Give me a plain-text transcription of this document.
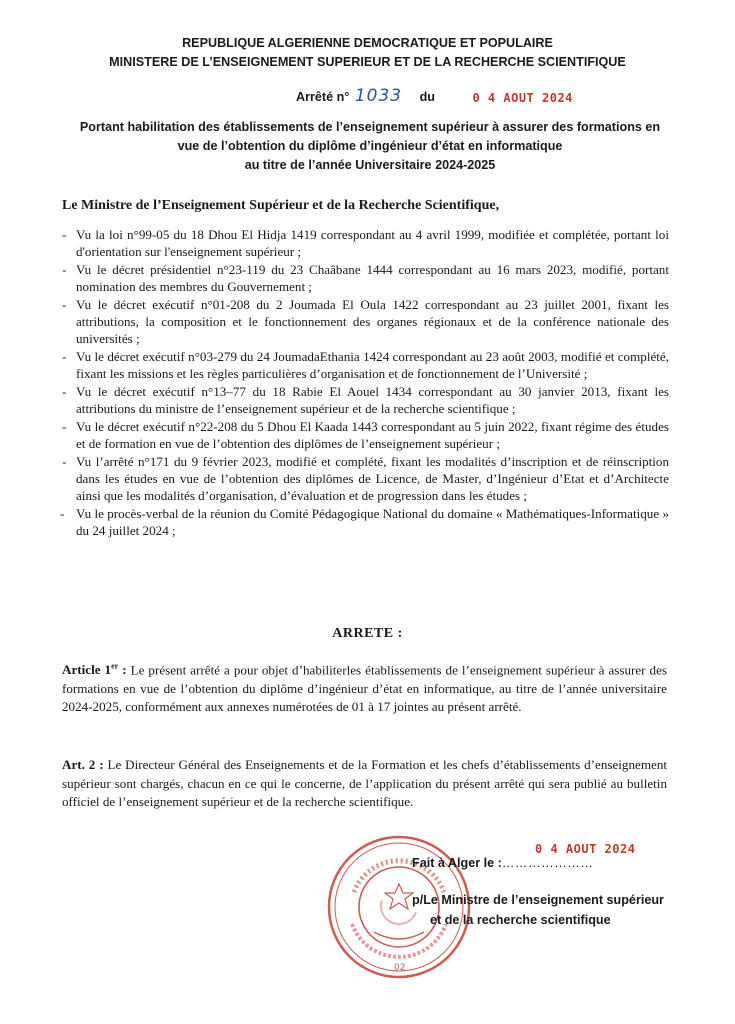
REPUBLIQUE ALGERIENNE DEMOCRATIQUE ET POPULAIRE
MINISTERE DE L’ENSEIGNEMENT SUPERIEUR ET DE LA RECHERCHE SCIENTIFIQUE
Arrêté n° 1033 du	0 4 AOUT 2024
Portant habilitation des établissements de l’enseignement supérieur à assurer des formations en
vue de l’obtention du diplôme d’ingénieur d’état en informatique
au titre de l’année Universitaire 2024-2025
Le Ministre de l’Enseignement Supérieur et de la Recherche Scientifique,
- Vu la loi n°99-05 du 18 Dhou El Hidja 1419 correspondant au 4 avril 1999, modifiée et complétée, portant loi d'orientation sur l'enseignement supérieur ;
- Vu le décret présidentiel n°23-119 du 23 Chaâbane 1444 correspondant au 16 mars 2023, modifié, portant nomination des membres du Gouvernement ;
- Vu le décret exécutif n°01-208 du 2 Joumada El Oula 1422 correspondant au 23 juillet 2001, fixant les attributions, la composition et le fonctionnement des organes régionaux et de la conférence nationale des universités ;
- Vu le décret exécutif n°03-279 du 24 JoumadaEthania 1424 correspondant au 23 août 2003, modifié et complété, fixant les missions et les règles particulières d’organisation et de fonctionnement de l’Université ;
- Vu le décret exécutif n°13–77 du 18 Rabie El Aouel 1434 correspondant au 30 janvier 2013, fixant les attributions du ministre de l’enseignement supérieur et de la recherche scientifique ;
- Vu le décret exécutif n°22-208 du 5 Dhou El Kaada 1443 correspondant au 5 juin 2022, fixant régime des études et de formation en vue de l’obtention des diplômes de l’enseignement supérieur ;
- Vu l’arrêté n°171 du 9 février 2023, modifié et complété, fixant les modalités d’inscription et de réinscription dans les études en vue de l’obtention des diplômes de Licence, de Master, d’Ingénieur d’Etat et d’Architecte ainsi que les modalités d’organisation, d’évaluation et de progression dans les études ;
- Vu le procès-verbal de la réunion du Comité Pédagogique National du domaine « Mathématiques-Informatique » du 24 juillet 2024 ;
ARRETE :
Article 1er : Le présent arrêté a pour objet d’habiliterles établissements de l’enseignement supérieur à assurer des formations en vue de l’obtention du diplôme d’ingénieur d’état en informatique, au titre de l’année universitaire 2024-2025, conformément aux annexes numérotées de 01 à 17 jointes au présent arrêté.
Art. 2 : Le Directeur Général des Enseignements et de la Formation et les chefs d’établissements d’enseignement supérieur sont chargés, chacun en ce qui le concerne, de l’application du présent arrêté qui sera publié au bulletin officiel de l’enseignement supérieur et de la recherche scientifique.
02
Fait à Alger le :…………………
0 4 AOUT 2024
p/Le Ministre de l’enseignement supérieur
et de la recherche scientifique
